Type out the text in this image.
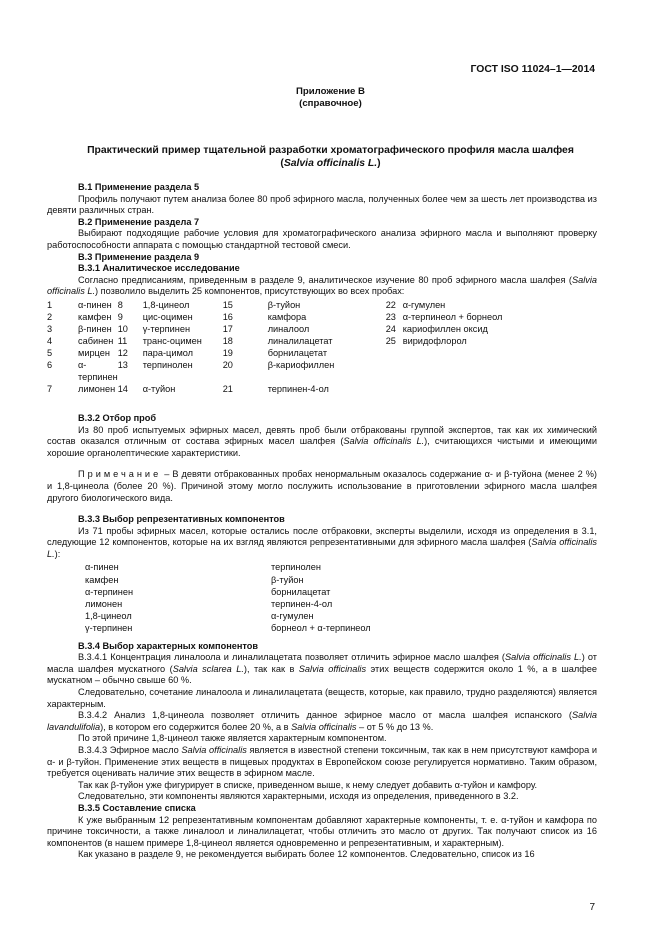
ГОСТ ISO 11024–1—2014
Приложение В
(справочное)
Практический пример тщательной разработки хроматографического профиля масла шалфея
(Salvia officinalis L.)
В.1 Применение раздела 5
Профиль получают путем анализа более 80 проб эфирного масла, полученных более чем за шесть лет производства из девяти различных стран.
В.2 Применение раздела 7
Выбирают подходящие рабочие условия для хроматографического анализа эфирного масла и выполняют проверку работоспособности аппарата с помощью стандартной тестовой смеси.
В.3 Применение раздела 9
В.3.1 Аналитическое исследование
Согласно предписаниям, приведенным в разделе 9, аналитическое изучение 80 проб эфирного масла шалфея (Salvia officinalis L.) позволило выделить 25 компонентов, присутствующих во всех пробах:
1	α-пинен	8	1,8-цинеол	15	β-туйон	22	α-гумулен
2	камфен	9	цис-оцимен	16	камфора	23	α-терпинеол + борнеол
3	β-пинен	10	γ-терпинен	17	линалоол	24	кариофиллен оксид
4	сабинен	11	транс-оцимен	18	линалилацетат	25	виридофлорол
5	мирцен	12	пара-цимол	19	борнилацетат		
6	α-терпинен	13	терпинолен	20	β-кариофиллен		
7	лимонен	14	α-туйон	21	терпинен-4-ол		
В.3.2 Отбор проб
Из 80 проб испытуемых эфирных масел, девять проб были отбракованы группой экспертов, так как их химический состав оказался отличным от состава эфирных масел шалфея (Salvia officinalis L.), считающихся чистыми и имеющими хорошие органолептические характеристики.
Примечание – В девяти отбракованных пробах ненормальным оказалось содержание α- и β-туйона (менее 2 %) и 1,8-цинеола (более 20 %). Причиной этому могло послужить использование в приготовлении эфирного масла шалфея другого биологического вида.
В.3.3 Выбор репрезентативных компонентов
Из 71 пробы эфирных масел, которые остались после отбраковки, эксперты выделили, исходя из определения в 3.1, следующие 12 компонентов, которые на их взгляд являются репрезентативными для эфирного масла шалфея (Salvia officinalis L.):
α-пинен	терпинолен
камфен	β-туйон
α-терпинен	борнилацетат
лимонен	терпинен-4-ол
1,8-цинеол	α-гумулен
γ-терпинен	борнеол + α-терпинеол
В.3.4 Выбор характерных компонентов
В.3.4.1 Концентрация линалоола и линалилацетата позволяет отличить эфирное масло шалфея (Salvia officinalis L.) от масла шалфея мускатного (Salvia sclarea L.), так как в Salvia officinalis этих веществ содержится около 1 %, а в шалфее мускатном – обычно свыше 60 %.
Следовательно, сочетание линалоола и линалилацетата (веществ, которые, как правило, трудно разделяются) является характерным.
В.3.4.2 Анализ 1,8-цинеола позволяет отличить данное эфирное масло от масла шалфея испанского (Salvia lavandulifolia), в котором его содержится более 20 %, а в Salvia officinalis – от 5 % до 13 %.
По этой причине 1,8-цинеол также является характерным компонентом.
В.3.4.3 Эфирное масло Salvia officinalis является в известной степени токсичным, так как в нем присутствуют камфора и α- и β-туйон. Применение этих веществ в пищевых продуктах в Европейском союзе регулируется нормативно. Таким образом, требуется оценивать наличие этих веществ в эфирном масле.
Так как β-туйон уже фигурирует в списке, приведенном выше, к нему следует добавить α-туйон и камфору.
Следовательно, эти компоненты являются характерными, исходя из определения, приведенного в 3.2.
В.3.5 Составление списка
К уже выбранным 12 репрезентативным компонентам добавляют характерные компоненты, т. е. α-туйон и камфора по причине токсичности, а также линалоол и линалилацетат, чтобы отличить это масло от других. Так получают список из 16 компонентов (в нашем примере 1,8-цинеол является одновременно и репрезентативным, и характерным).
Как указано в разделе 9, не рекомендуется выбирать более 12 компонентов. Следовательно, список из 16
7
